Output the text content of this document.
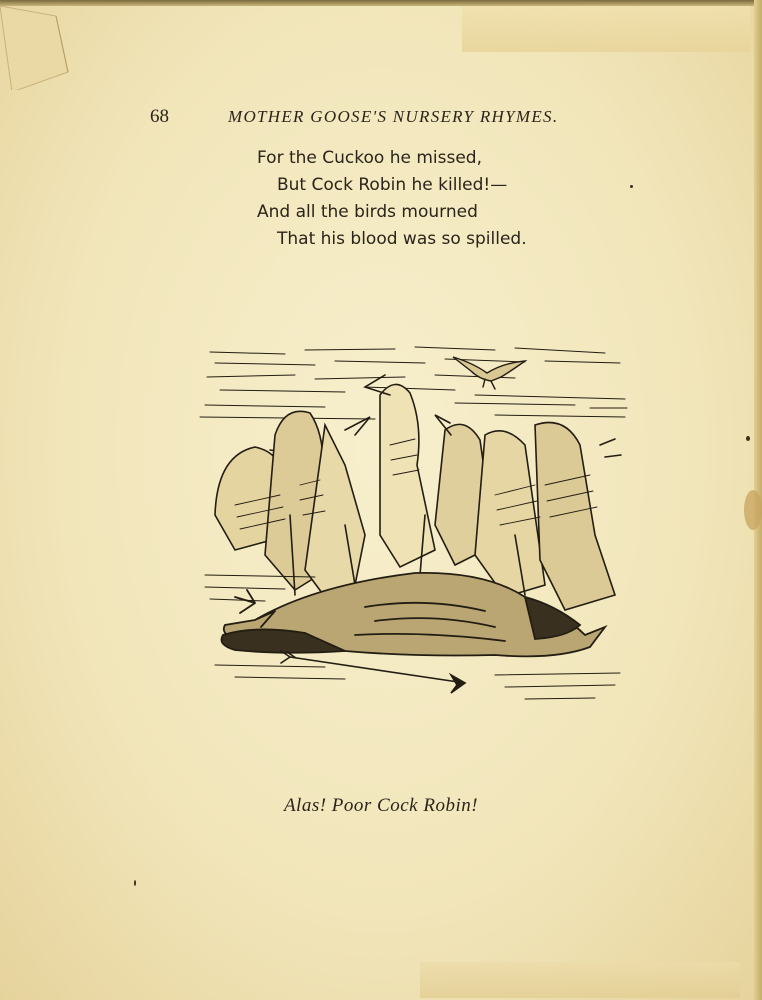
68	MOTHER GOOSE'S NURSERY RHYMES.
For the Cuckoo he missed,
But Cock Robin he killed!—
And all the birds mourned
That his blood was so spilled.
Alas! Poor Cock Robin!
